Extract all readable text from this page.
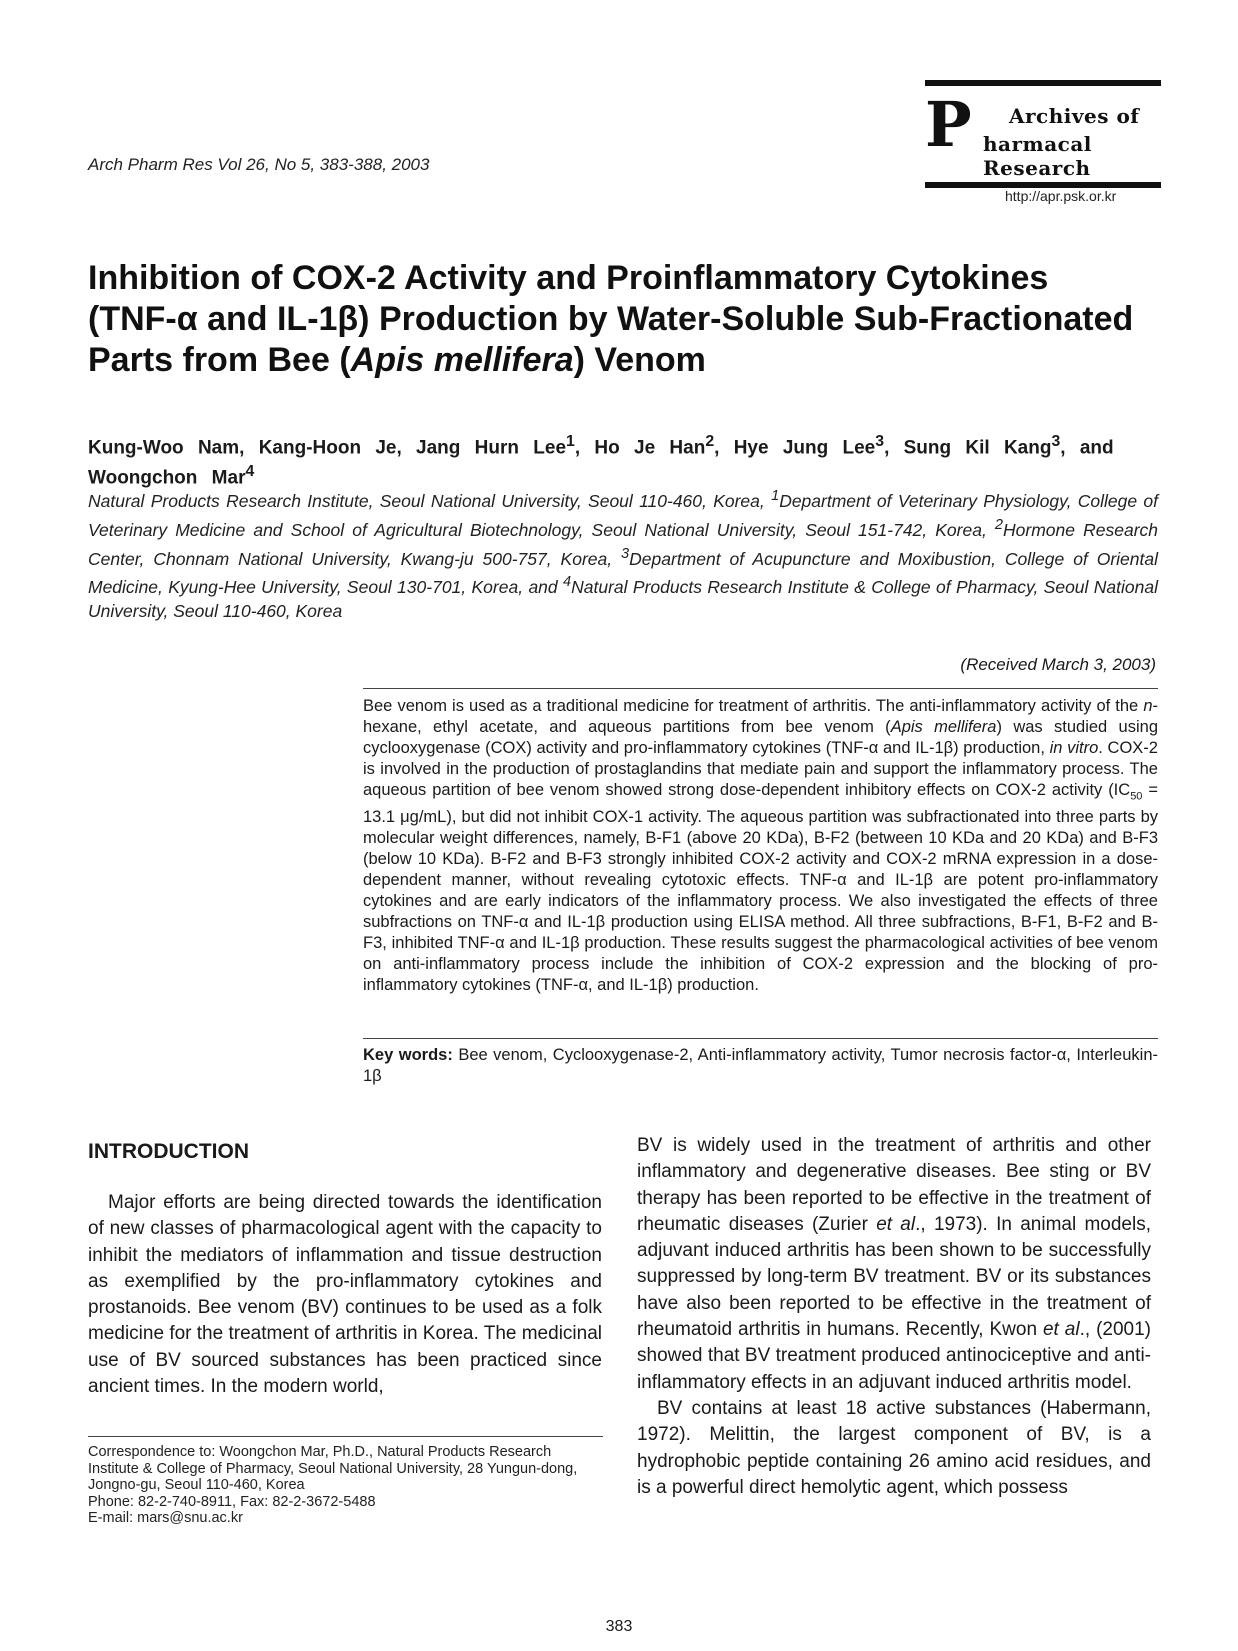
Arch Pharm Res Vol 26, No 5, 383-388, 2003
P Archives of
harmacal Research
http://apr.psk.or.kr
Inhibition of COX-2 Activity and Proinflammatory Cytokines
(TNF-α and IL-1β) Production by Water-Soluble Sub-Fractionated
Parts from Bee (Apis mellifera) Venom
Kung-Woo Nam, Kang-Hoon Je, Jang Hurn Lee$^1$, Ho Je Han$^2$, Hye Jung Lee$^3$, Sung Kil Kang$^3$, and Woongchon Mar$^4$
Natural Products Research Institute, Seoul National University, Seoul 110-460, Korea, $^1$Department of Veterinary Physiology, College of Veterinary Medicine and School of Agricultural Biotechnology, Seoul National University, Seoul 151-742, Korea, $^2$Hormone Research Center, Chonnam National University, Kwang-ju 500-757, Korea, $^3$Department of Acupuncture and Moxibustion, College of Oriental Medicine, Kyung-Hee University, Seoul 130-701, Korea, and $^4$Natural Products Research Institute & College of Pharmacy, Seoul National University, Seoul 110-460, Korea
(Received March 3, 2003)
Bee venom is used as a traditional medicine for treatment of arthritis. The anti-inflammatory activity of the n-hexane, ethyl acetate, and aqueous partitions from bee venom (Apis mellifera) was studied using cyclooxygenase (COX) activity and pro-inflammatory cytokines (TNF-α and IL-1β) production, in vitro. COX-2 is involved in the production of prostaglandins that mediate pain and support the inflammatory process. The aqueous partition of bee venom showed strong dose-dependent inhibitory effects on COX-2 activity ($IC_{50} = 13.1$ μg/mL), but did not inhibit COX-1 activity. The aqueous partition was subfractionated into three parts by molecular weight differences, namely, B-F1 (above 20 KDa), B-F2 (between 10 KDa and 20 KDa) and B-F3 (below 10 KDa). B-F2 and B-F3 strongly inhibited COX-2 activity and COX-2 mRNA expression in a dose-dependent manner, without revealing cytotoxic effects. TNF-α and IL-1β are potent pro-inflammatory cytokines and are early indicators of the inflammatory process. We also investigated the effects of three subfractions on TNF-α and IL-1β production using ELISA method. All three subfractions, B-F1, B-F2 and B-F3, inhibited TNF-α and IL-1β production. These results suggest the pharmacological activities of bee venom on anti-inflammatory process include the inhibition of COX-2 expression and the blocking of pro-inflammatory cytokines (TNF-α, and IL-1β) production.
Key words: Bee venom, Cyclooxygenase-2, Anti-inflammatory activity, Tumor necrosis factor-α, Interleukin-1β
INTRODUCTION

Major efforts are being directed towards the identification of new classes of pharmacological agent with the capacity to inhibit the mediators of inflammation and tissue destruction as exemplified by the pro-inflammatory cytokines and prostanoids. Bee venom (BV) continues to be used as a folk medicine for the treatment of arthritis in Korea. The medicinal use of BV sourced substances has been practiced since ancient times. In the modern world,

Correspondence to: Woongchon Mar, Ph.D., Natural Products Research Institute & College of Pharmacy, Seoul National University, 28 Yungun-dong, Jongno-gu, Seoul 110-460, Korea
Phone: 82-2-740-8911, Fax: 82-2-3672-5488
E-mail: mars@snu.ac.kr

BV is widely used in the treatment of arthritis and other inflammatory and degenerative diseases. Bee sting or BV therapy has been reported to be effective in the treatment of rheumatic diseases (Zurier et al., 1973). In animal models, adjuvant induced arthritis has been shown to be successfully suppressed by long-term BV treatment. BV or its substances have also been reported to be effective in the treatment of rheumatoid arthritis in humans. Recently, Kwon et al., (2001) showed that BV treatment produced antinociceptive and anti-inflammatory effects in an adjuvant induced arthritis model.

BV contains at least 18 active substances (Habermann, 1972). Melittin, the largest component of BV, is a hydrophobic peptide containing 26 amino acid residues, and is a powerful direct hemolytic agent, which possess

383
